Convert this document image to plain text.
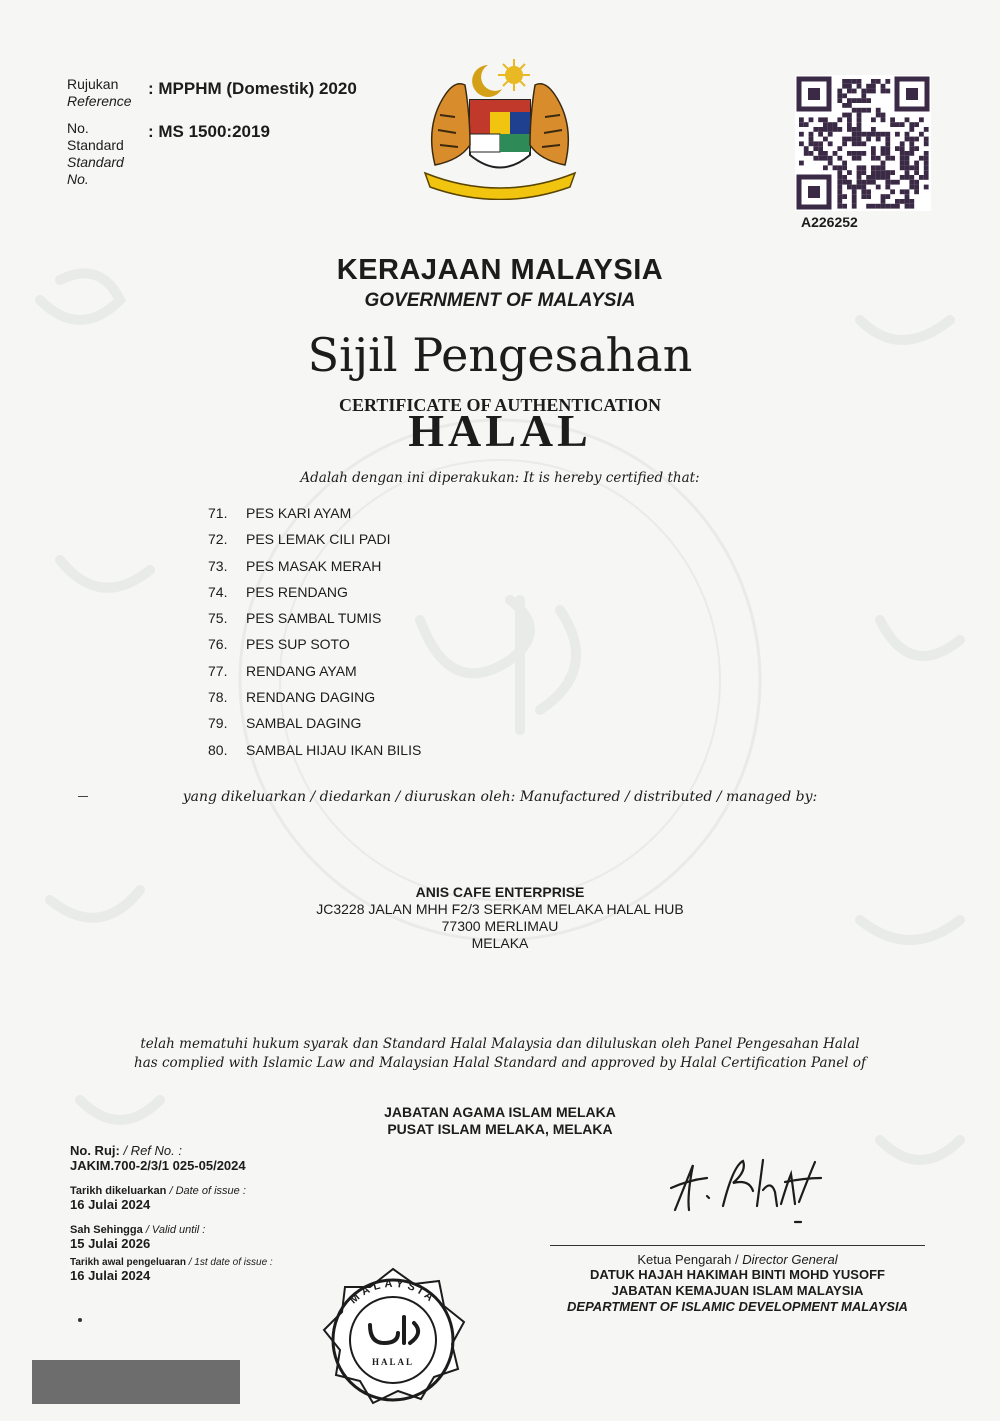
Rujukan
Reference
: MPPHM (Domestik) 2020
No.
Standard
Standard
No.
: MS 1500:2019
A226252
KERAJAAN MALAYSIA
GOVERNMENT OF MALAYSIA
Sijil Pengesahan
CERTIFICATE OF AUTHENTICATION
HALAL
Adalah dengan ini diperakukan: It is hereby certified that:
71. PES KARI AYAM
72. PES LEMAK CILI PADI
73. PES MASAK MERAH
74. PES RENDANG
75. PES SAMBAL TUMIS
76. PES SUP SOTO
77. RENDANG AYAM
78. RENDANG DAGING
79. SAMBAL DAGING
80. SAMBAL HIJAU IKAN BILIS
yang dikeluarkan / diedarkan / diuruskan oleh: Manufactured / distributed / managed by:
ANIS CAFE ENTERPRISE
JC3228 JALAN MHH F2/3 SERKAM MELAKA HALAL HUB
77300 MERLIMAU
MELAKA
telah mematuhi hukum syarak dan Standard Halal Malaysia dan diluluskan oleh Panel Pengesahan Halal
has complied with Islamic Law and Malaysian Halal Standard and approved by Halal Certification Panel of
JABATAN AGAMA ISLAM MELAKA
PUSAT ISLAM MELAKA, MELAKA
No. Ruj: / Ref No. :
JAKIM.700-2/3/1 025-05/2024
Tarikh dikeluarkan / Date of issue :
16 Julai 2024
Sah Sehingga / Valid until :
15 Julai 2026
Tarikh awal pengeluaran / 1st date of issue :
16 Julai 2024
MALAYSIA
HALAL
Ketua Pengarah / Director General
DATUK HAJAH HAKIMAH BINTI MOHD YUSOFF
JABATAN KEMAJUAN ISLAM MALAYSIA
DEPARTMENT OF ISLAMIC DEVELOPMENT MALAYSIA
